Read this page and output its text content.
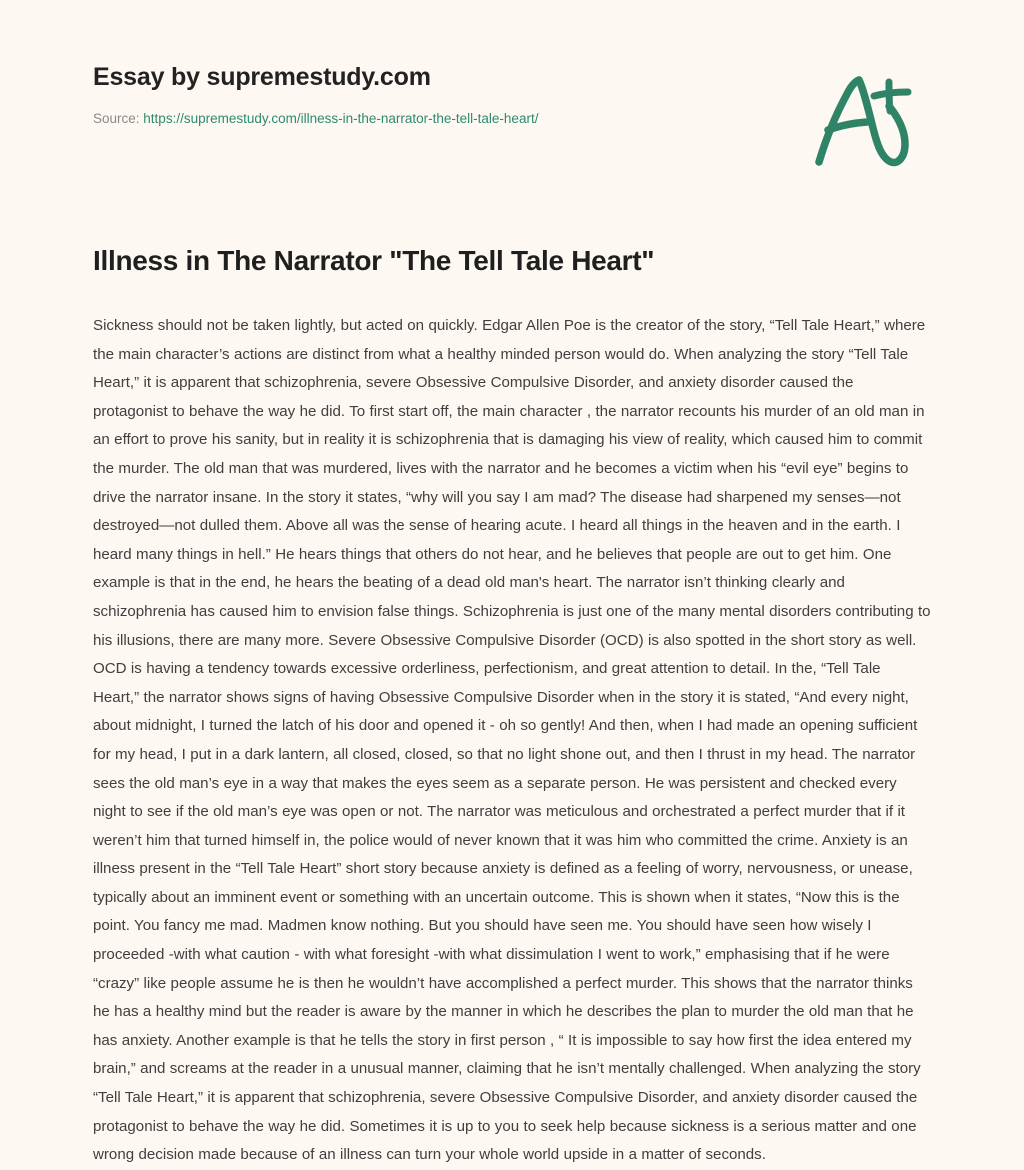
Essay by supremestudy.com
Source: https://supremestudy.com/illness-in-the-narrator-the-tell-tale-heart/
Illness in The Narrator "The Tell Tale Heart"

Sickness should not be taken lightly, but acted on quickly. Edgar Allen Poe is the creator of the story, “Tell Tale Heart,” where the main character’s actions are distinct from what a healthy minded person would do. When analyzing the story “Tell Tale Heart,” it is apparent that schizophrenia, severe Obsessive Compulsive Disorder, and anxiety disorder caused the protagonist to behave the way he did. To first start off, the main character , the narrator recounts his murder of an old man in an effort to prove his sanity, but in reality it is schizophrenia that is damaging his view of reality, which caused him to commit the murder. The old man that was murdered, lives with the narrator and he becomes a victim when his “evil eye” begins to drive the narrator insane. In the story it states, “why will you say I am mad? The disease had sharpened my senses—not destroyed—not dulled them. Above all was the sense of hearing acute. I heard all things in the heaven and in the earth. I heard many things in hell.” He hears things that others do not hear, and he believes that people are out to get him. One example is that in the end, he hears the beating of a dead old man's heart. The narrator isn’t thinking clearly and schizophrenia has caused him to envision false things. Schizophrenia is just one of the many mental disorders contributing to his illusions, there are many more. Severe Obsessive Compulsive Disorder (OCD) is also spotted in the short story as well. OCD is having a tendency towards excessive orderliness, perfectionism, and great attention to detail. In the, “Tell Tale Heart,” the narrator shows signs of having Obsessive Compulsive Disorder when in the story it is stated, “And every night, about midnight, I turned the latch of his door and opened it - oh so gently! And then, when I had made an opening sufficient for my head, I put in a dark lantern, all closed, closed, so that no light shone out, and then I thrust in my head. The narrator sees the old man’s eye in a way that makes the eyes seem as a separate person. He was persistent and checked every night to see if the old man’s eye was open or not. The narrator was meticulous and orchestrated a perfect murder that if it weren’t him that turned himself in, the police would of never known that it was him who committed the crime. Anxiety is an illness present in the “Tell Tale Heart” short story because anxiety is defined as a feeling of worry, nervousness, or unease, typically about an imminent event or something with an uncertain outcome. This is shown when it states, “Now this is the point. You fancy me mad. Madmen know nothing. But you should have seen me. You should have seen how wisely I proceeded -with what caution - with what foresight -with what dissimulation I went to work,” emphasising that if he were “crazy” like people assume he is then he wouldn’t have accomplished a perfect murder. This shows that the narrator thinks he has a healthy mind but the reader is aware by the manner in which he describes the plan to murder the old man that he has anxiety. Another example is that he tells the story in first person , “ It is impossible to say how first the idea entered my brain,” and screams at the reader in a unusual manner, claiming that he isn’t mentally challenged. When analyzing the story “Tell Tale Heart,” it is apparent that schizophrenia, severe Obsessive Compulsive Disorder, and anxiety disorder caused the protagonist to behave the way he did. Sometimes it is up to you to seek help because sickness is a serious matter and one wrong decision made because of an illness can turn your whole world upside in a matter of seconds.
